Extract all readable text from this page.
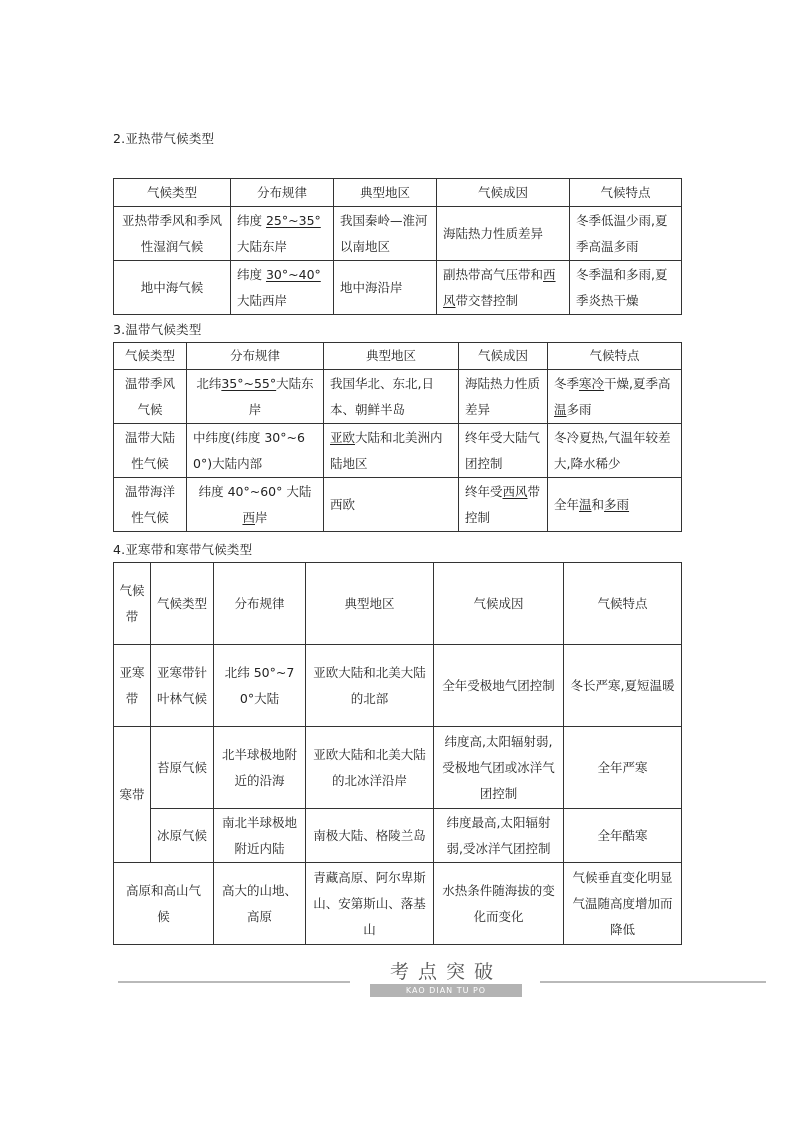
2.亚热带气候类型
气候类型	分布规律	典型地区	气候成因	气候特点
亚热带季风和季风性湿润气候	纬度 25°~35° 大陆东岸	我国秦岭—淮河以南地区	海陆热力性质差异	冬季低温少雨,夏季高温多雨
地中海气候	纬度 30°~40° 大陆西岸	地中海沿岸	副热带高气压带和西风带交替控制	冬季温和多雨,夏季炎热干燥
3.温带气候类型
气候类型	分布规律	典型地区	气候成因	气候特点
温带季风气候	北纬35°~55°大陆东岸	我国华北、东北,日本、朝鲜半岛	海陆热力性质差异	冬季寒冷干燥,夏季高温多雨
温带大陆性气候	中纬度(纬度 30°~60°)大陆内部	亚欧大陆和北美洲内陆地区	终年受大陆气团控制	冬冷夏热,气温年较差大,降水稀少
温带海洋性气候	纬度 40°~60° 大陆西岸	西欧	终年受西风带控制	全年温和多雨
4.亚寒带和寒带气候类型
气候带	气候类型	分布规律	典型地区	气候成因	气候特点
亚寒带	亚寒带针叶林气候	北纬 50°~70°大陆	亚欧大陆和北美大陆的北部	全年受极地气团控制	冬长严寒,夏短温暖
寒带	苔原气候	北半球极地附近的沿海	亚欧大陆和北美大陆的北冰洋沿岸	纬度高,太阳辐射弱,受极地气团或冰洋气团控制	全年严寒
	冰原气候	南北半球极地附近内陆	南极大陆、格陵兰岛	纬度最高,太阳辐射弱,受冰洋气团控制	全年酷寒
高原和高山气候		高大的山地、高原	青藏高原、阿尔卑斯山、安第斯山、落基山	水热条件随海拔的变化而变化	气候垂直变化明显气温随高度增加而降低
考点突破
KAO DIAN TU PO
